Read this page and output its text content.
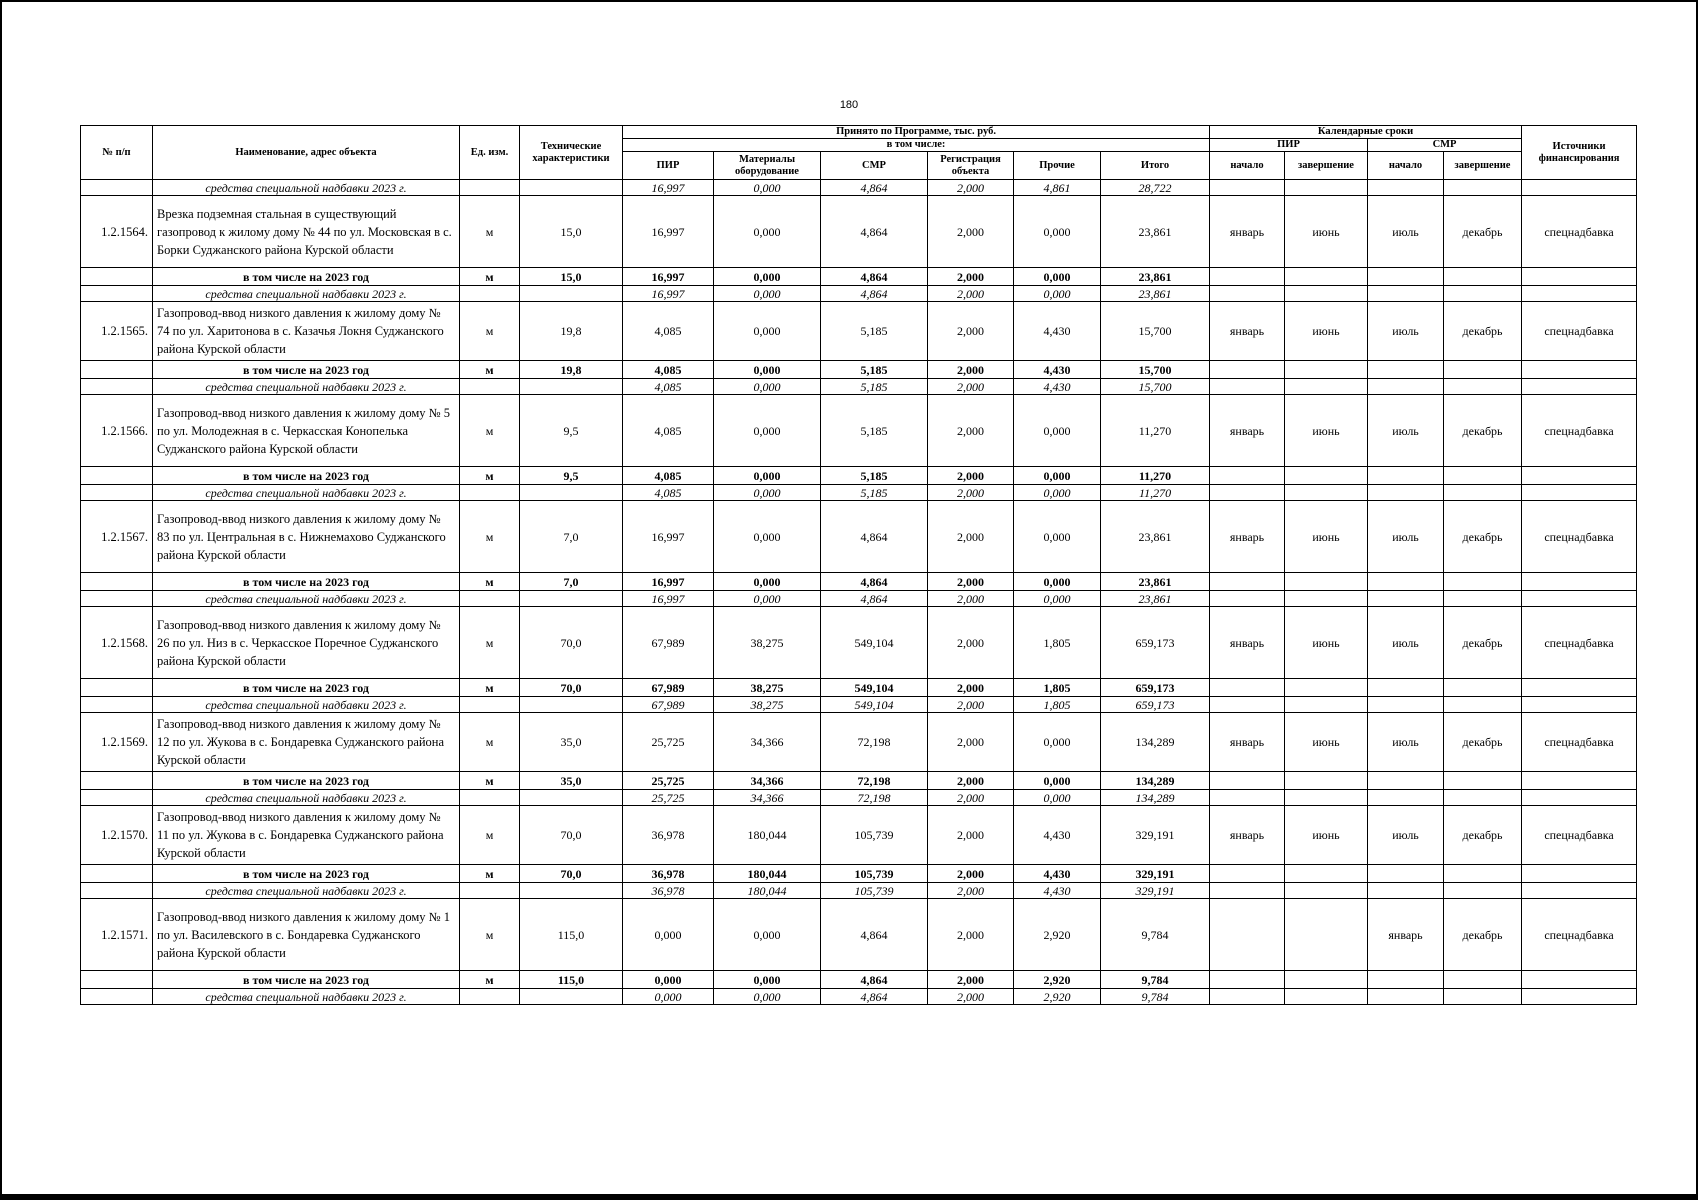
180
№ п/п	Наименование, адрес объекта	Ед. изм.	Технические характеристики	Принято по Программе, тыс. руб.						Календарные сроки				Источники финансирования
				в том числе:						ПИР		СМР		
				ПИР	Материалы оборудование	СМР	Регистрация объекта	Прочие	Итого	начало	завершение	начало	завершение	
	средства специальной надбавки 2023 г.			16,997	0,000	4,864	2,000	4,861	28,722					
1.2.1564.	Врезка подземная стальная в существующий газопровод к жилому дому № 44 по ул. Московская в с. Борки Суджанского района Курской области	м	15,0	16,997	0,000	4,864	2,000	0,000	23,861	январь	июнь	июль	декабрь	спецнадбавка
	в том числе на 2023 год	м	15,0	16,997	0,000	4,864	2,000	0,000	23,861					
	средства специальной надбавки 2023 г.			16,997	0,000	4,864	2,000	0,000	23,861					
1.2.1565.	Газопровод-ввод низкого давления к жилому дому № 74 по ул. Харитонова в с. Казачья Локня Суджанского района Курской области	м	19,8	4,085	0,000	5,185	2,000	4,430	15,700	январь	июнь	июль	декабрь	спецнадбавка
	в том числе на 2023 год	м	19,8	4,085	0,000	5,185	2,000	4,430	15,700					
	средства специальной надбавки 2023 г.			4,085	0,000	5,185	2,000	4,430	15,700					
1.2.1566.	Газопровод-ввод низкого давления к жилому дому № 5 по ул. Молодежная в с. Черкасская Конопелька Суджанского района Курской области	м	9,5	4,085	0,000	5,185	2,000	0,000	11,270	январь	июнь	июль	декабрь	спецнадбавка
	в том числе на 2023 год	м	9,5	4,085	0,000	5,185	2,000	0,000	11,270					
	средства специальной надбавки 2023 г.			4,085	0,000	5,185	2,000	0,000	11,270					
1.2.1567.	Газопровод-ввод низкого давления к жилому дому № 83 по ул. Центральная в с. Нижнемахово Суджанского района Курской области	м	7,0	16,997	0,000	4,864	2,000	0,000	23,861	январь	июнь	июль	декабрь	спецнадбавка
	в том числе на 2023 год	м	7,0	16,997	0,000	4,864	2,000	0,000	23,861					
	средства специальной надбавки 2023 г.			16,997	0,000	4,864	2,000	0,000	23,861					
1.2.1568.	Газопровод-ввод низкого давления к жилому дому № 26 по ул. Низ в с. Черкасское Поречное Суджанского района Курской области	м	70,0	67,989	38,275	549,104	2,000	1,805	659,173	январь	июнь	июль	декабрь	спецнадбавка
	в том числе на 2023 год	м	70,0	67,989	38,275	549,104	2,000	1,805	659,173					
	средства специальной надбавки 2023 г.			67,989	38,275	549,104	2,000	1,805	659,173					
1.2.1569.	Газопровод-ввод низкого давления к жилому дому № 12 по ул. Жукова в с. Бондаревка Суджанского района Курской области	м	35,0	25,725	34,366	72,198	2,000	0,000	134,289	январь	июнь	июль	декабрь	спецнадбавка
	в том числе на 2023 год	м	35,0	25,725	34,366	72,198	2,000	0,000	134,289					
	средства специальной надбавки 2023 г.			25,725	34,366	72,198	2,000	0,000	134,289					
1.2.1570.	Газопровод-ввод низкого давления к жилому дому № 11 по ул. Жукова в с. Бондаревка Суджанского района Курской области	м	70,0	36,978	180,044	105,739	2,000	4,430	329,191	январь	июнь	июль	декабрь	спецнадбавка
	в том числе на 2023 год	м	70,0	36,978	180,044	105,739	2,000	4,430	329,191					
	средства специальной надбавки 2023 г.			36,978	180,044	105,739	2,000	4,430	329,191					
1.2.1571.	Газопровод-ввод низкого давления к жилому дому № 1 по ул. Василевского в с. Бондаревка Суджанского района Курской области	м	115,0	0,000	0,000	4,864	2,000	2,920	9,784			январь	декабрь	спецнадбавка
	в том числе на 2023 год	м	115,0	0,000	0,000	4,864	2,000	2,920	9,784					
	средства специальной надбавки 2023 г.			0,000	0,000	4,864	2,000	2,920	9,784					
